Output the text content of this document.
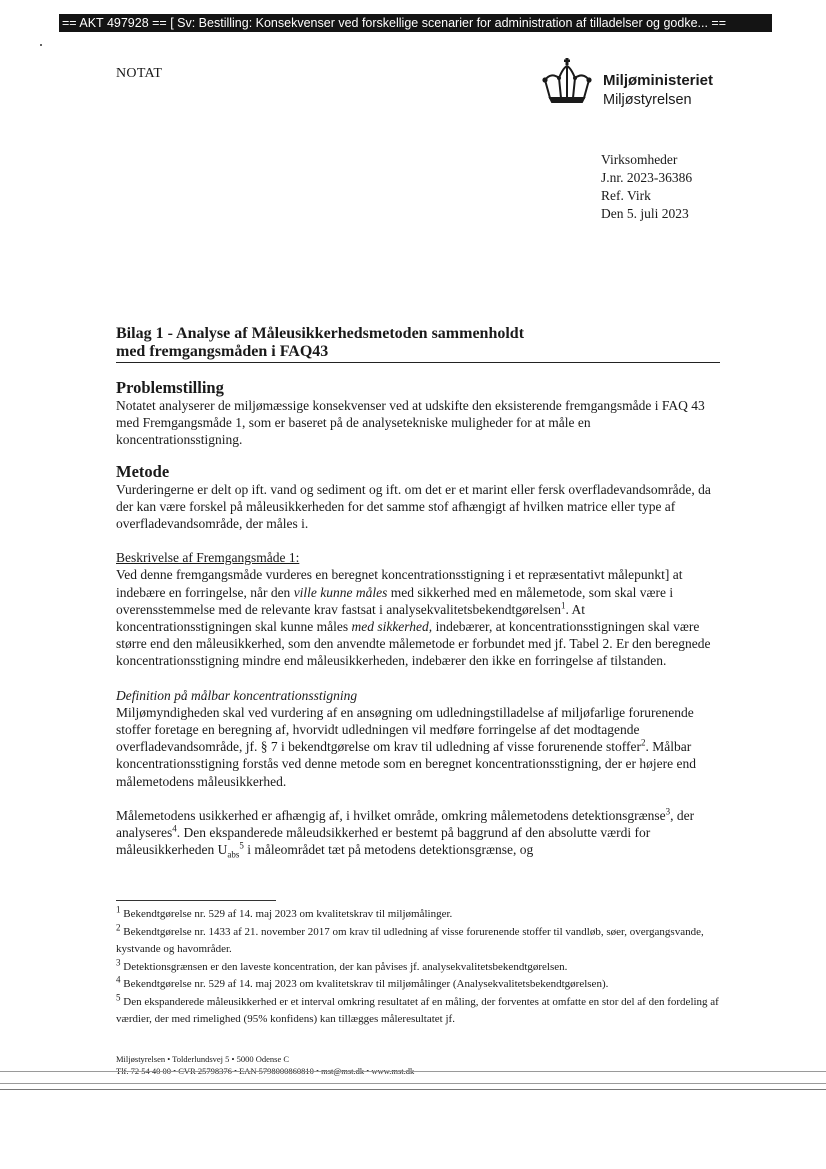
== AKT 497928 == [ Sv: Bestilling: Konsekvenser ved forskellige scenarier for administration af tilladelser og godke... ==
NOTAT	Miljøministeriet
Miljøstyrelsen
Virksomheder
J.nr. 2023-36386
Ref. Virk
Den 5. juli 2023
Bilag 1 - Analyse af Måleusikkerhedsmetoden sammenholdt
med fremgangsmåden i FAQ43
Problemstilling

Notatet analyserer de miljømæssige konsekvenser ved at udskifte den eksisterende fremgangsmåde i FAQ 43 med Fremgangsmåde 1, som er baseret på de analysetekniske muligheder for at måle en koncentrationsstigning.

Metode

Vurderingerne er delt op ift. vand og sediment og ift. om det er et marint eller fersk overfladevandsområde, da der kan være forskel på måleusikkerheden for det samme stof afhængigt af hvilken matrice eller type af overfladevandsområde, der måles i.

Beskrivelse af Fremgangsmåde 1:

Ved denne fremgangsmåde vurderes en beregnet koncentrationsstigning i et repræsentativt målepunkt] at indebære en forringelse, når den ville kunne måles med sikkerhed med en målemetode, som skal være i overensstemmelse med de relevante krav fastsat i analysekvalitetsbekendtgørelsen$^1$. At koncentrationsstigningen skal kunne måles med sikkerhed, indebærer, at koncentrationsstigningen skal være større end den måleusikkerhed, som den anvendte målemetode er forbundet med jf. Tabel 2. Er den beregnede koncentrationsstigning mindre end måleusikkerheden, indebærer den ikke en forringelse af tilstanden.

Definition på målbar koncentrationsstigning

Miljømyndigheden skal ved vurdering af en ansøgning om udledningstilladelse af miljøfarlige forurenende stoffer foretage en beregning af, hvorvidt udledningen vil medføre forringelse af det modtagende overfladevandsområde, jf. § 7 i bekendtgørelse om krav til udledning af visse forurenende stoffer$^2$. Målbar koncentrationsstigning forstås ved denne metode som en beregnet koncentrationsstigning, der er højere end målemetodens måleusikkerhed.

Målemetodens usikkerhed er afhængig af, i hvilket område, omkring målemetodens detektionsgrænse$^3$, der analyseres$^4$. Den ekspanderede måleudsikkerhed er bestemt på baggrund af den absolutte værdi for måleusikkerheden $U_{abs}^5$ i måleområdet tæt på metodens detektionsgrænse, og

$^1$ Bekendtgørelse nr. 529 af 14. maj 2023 om kvalitetskrav til miljømålinger.

$^2$ Bekendtgørelse nr. 1433 af 21. november 2017 om krav til udledning af visse forurenende stoffer til vandløb, søer, overgangsvande, kystvande og havområder.

$^3$ Detektionsgrænsen er den laveste koncentration, der kan påvises jf. analysekvalitetsbekendtgørelsen.

$^4$ Bekendtgørelse nr. 529 af 14. maj 2023 om kvalitetskrav til miljømålinger (Analysekvalitetsbekendtgørelsen).

$^5$ Den ekspanderede måleusikkerhed er et interval omkring resultatet af en måling, der forventes at omfatte en stor del af den fordeling af værdier, der med rimelighed (95% konfidens) kan tillægges måleresultatet jf.

Miljøstyrelsen • Tolderlundsvej 5 • 5000 Odense C
Tlf. 72 54 40 00 • CVR 25798376 • EAN 5798000860810 • mst@mst.dk • www.mst.dk
